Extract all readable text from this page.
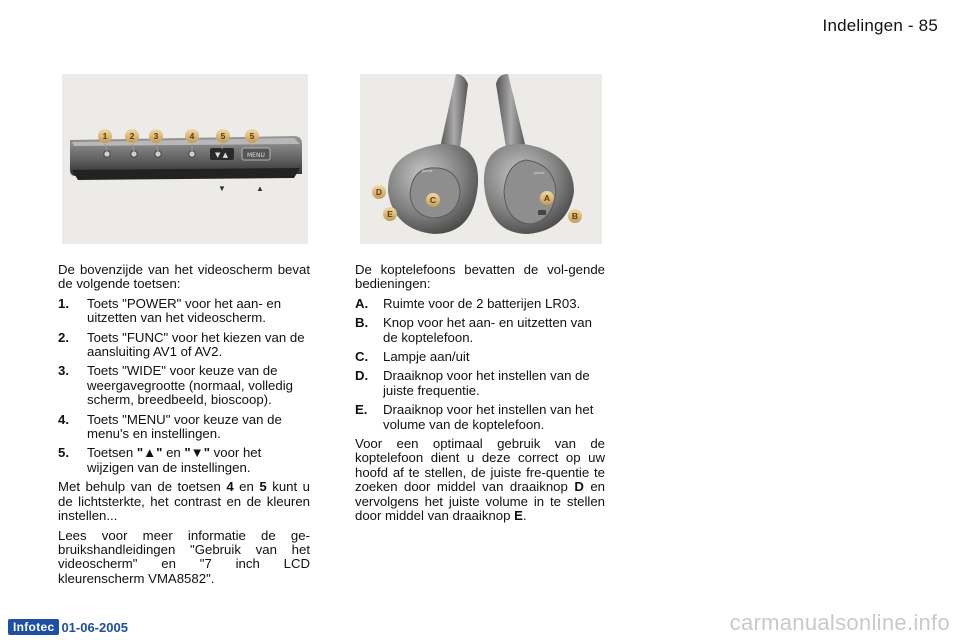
Indelingen - 85
▼ ▲	MENU
▼	▲
1	2 3	4	5	5
parrot	parrot
A
B
C
D
E

De bovenzijde van het videoscherm bevat de volgende toetsen:

1.	Toets "POWER" voor het aan- en uitzetten van het videoscherm.
2.	Toets "FUNC" voor het kiezen van de aansluiting AV1 of AV2.
3.	Toets "WIDE" voor keuze van de weergavegrootte (normaal, volledig scherm, breedbeeld, bioscoop).
4.	Toets "MENU" voor keuze van de menu's en instellingen.
5.	Toetsen "▲" en "▼" voor het wijzigen van de instellingen.

Met behulp van de toetsen 4 en 5 kunt u de lichtsterkte, het contrast en de kleuren instellen...

Lees voor meer informatie de ge-bruikshandleidingen "Gebruik van het videoscherm" en "7 inch LCD kleurenscherm VMA8582".

De koptelefoons bevatten de vol-gende bedieningen:

A.	Ruimte voor de 2 batterijen LR03.
B.	Knop voor het aan- en uitzetten van de koptelefoon.
C.	Lampje aan/uit
D.	Draaiknop voor het instellen van de juiste frequentie.
E.	Draaiknop voor het instellen van het volume van de koptelefoon.

Voor een optimaal gebruik van de koptelefoon dient u deze correct op uw hoofd af te stellen, de juiste fre-quentie te zoeken door middel van draaiknop D en vervolgens het juiste volume in te stellen door middel van draaiknop E.

Infotec 01-06-2005	carmanualsonline.info
